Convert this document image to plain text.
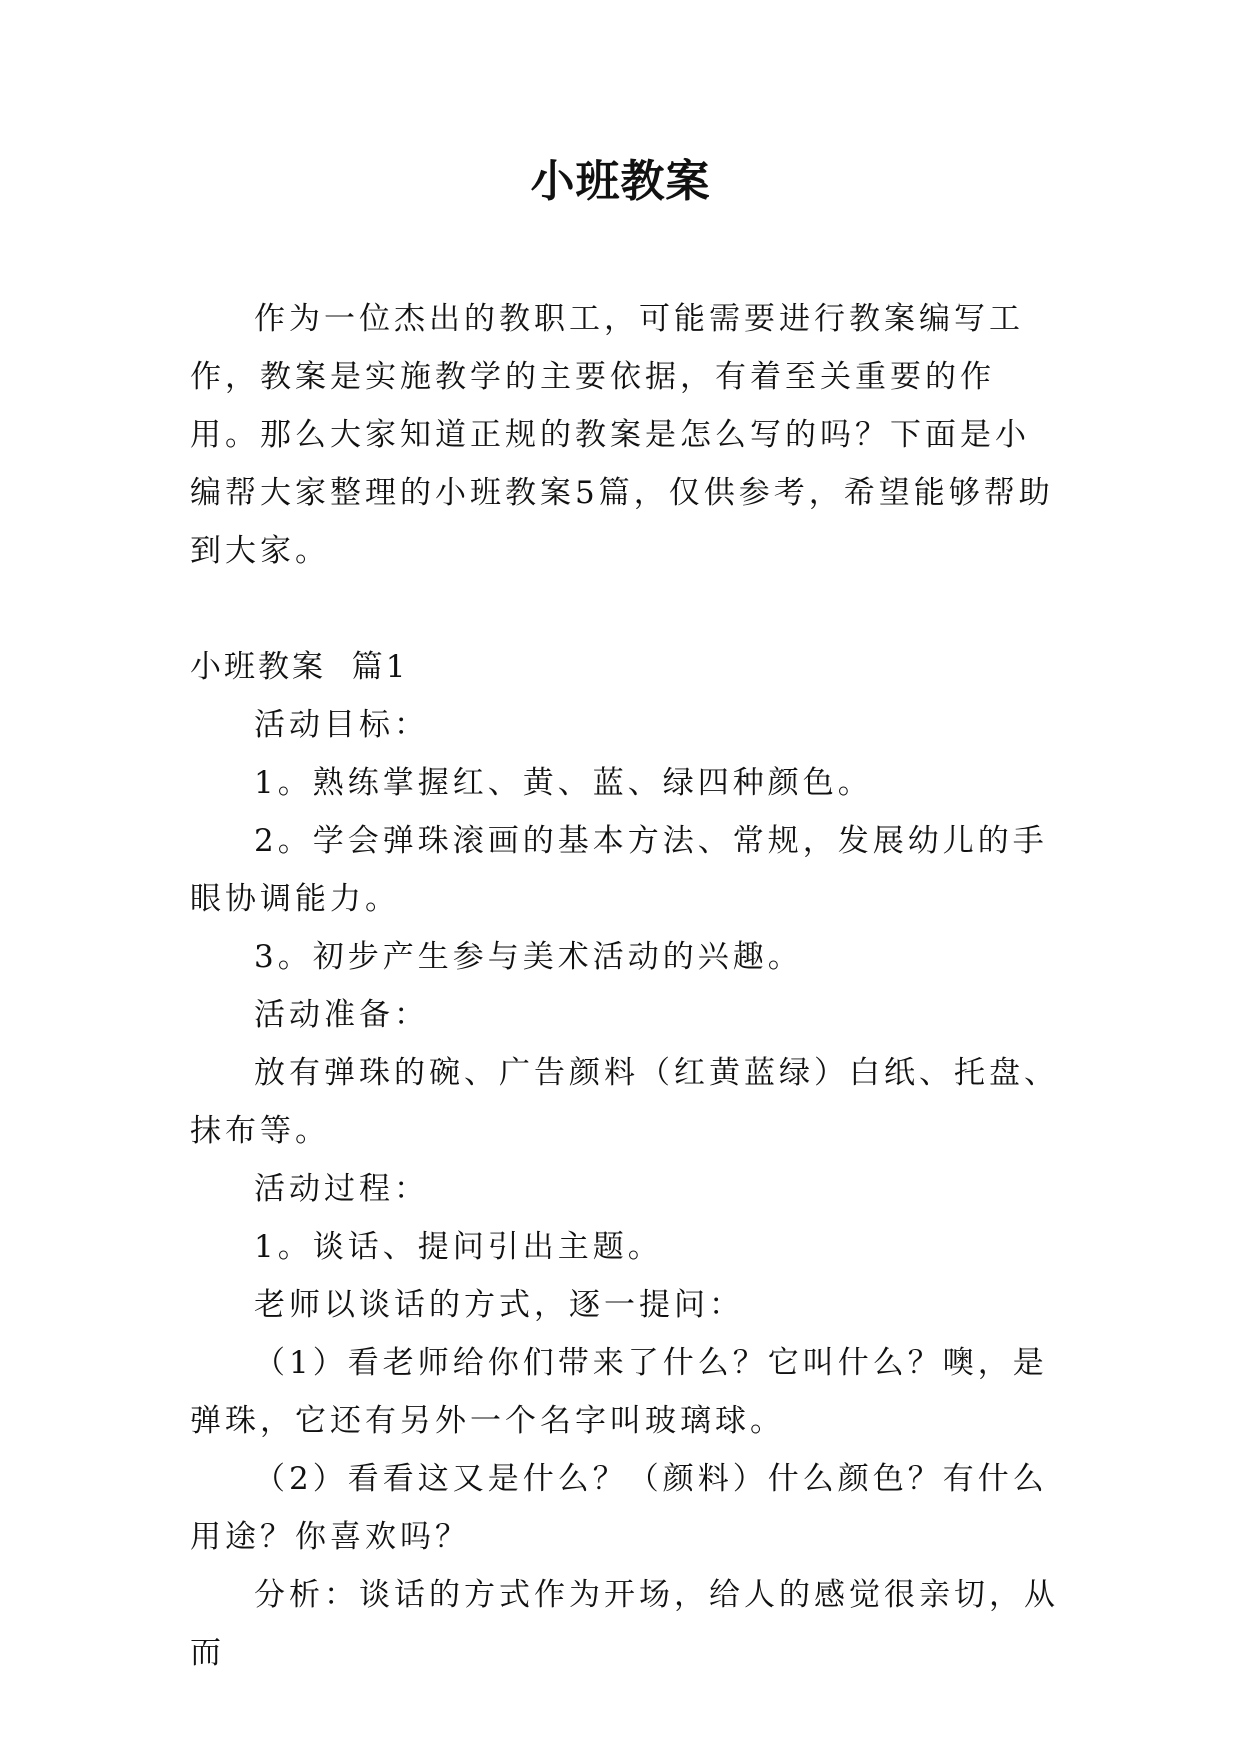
小班教案

作为一位杰出的教职工，可能需要进行教案编写工作，教案是实施教学的主要依据，有着至关重要的作用。那么大家知道正规的教案是怎么写的吗？下面是小编帮大家整理的小班教案5篇，仅供参考，希望能够帮助到大家。

小班教案  篇1

活动目标：

1。熟练掌握红、黄、蓝、绿四种颜色。

2。学会弹珠滚画的基本方法、常规，发展幼儿的手眼协调能力。

3。初步产生参与美术活动的兴趣。

活动准备：

放有弹珠的碗、广告颜料（红黄蓝绿）白纸、托盘、抹布等。

活动过程：

1。谈话、提问引出主题。

老师以谈话的方式，逐一提问：

（1）看老师给你们带来了什么？它叫什么？噢，是弹珠，它还有另外一个名字叫玻璃球。

（2）看看这又是什么？（颜料）什么颜色？有什么用途？你喜欢吗？

分析：谈话的方式作为开场，给人的感觉很亲切，从而
